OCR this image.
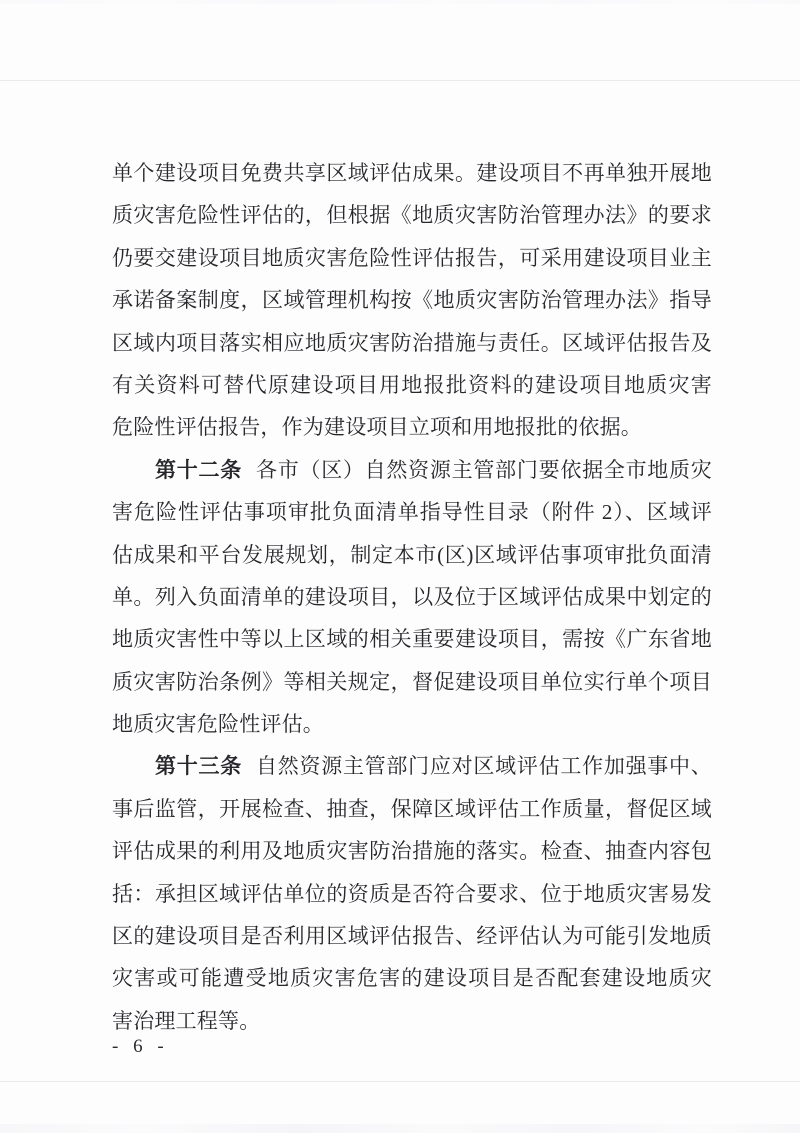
单个建设项目免费共享区域评估成果。建设项目不再单独开展地
质灾害危险性评估的，但根据《地质灾害防治管理办法》的要求
仍要交建设项目地质灾害危险性评估报告，可采用建设项目业主
承诺备案制度，区域管理机构按《地质灾害防治管理办法》指导
区域内项目落实相应地质灾害防治措施与责任。区域评估报告及
有关资料可替代原建设项目用地报批资料的建设项目地质灾害
危险性评估报告，作为建设项目立项和用地报批的依据。
第十二条 各市（区）自然资源主管部门要依据全市地质灾
害危险性评估事项审批负面清单指导性目录（附件 2）、区域评
估成果和平台发展规划，制定本市(区)区域评估事项审批负面清
单。列入负面清单的建设项目，以及位于区域评估成果中划定的
地质灾害性中等以上区域的相关重要建设项目，需按《广东省地
质灾害防治条例》等相关规定，督促建设项目单位实行单个项目
地质灾害危险性评估。
第十三条 自然资源主管部门应对区域评估工作加强事中、
事后监管，开展检查、抽查，保障区域评估工作质量，督促区域
评估成果的利用及地质灾害防治措施的落实。检查、抽查内容包
括：承担区域评估单位的资质是否符合要求、位于地质灾害易发
区的建设项目是否利用区域评估报告、经评估认为可能引发地质
灾害或可能遭受地质灾害危害的建设项目是否配套建设地质灾
害治理工程等。
- 6 -
